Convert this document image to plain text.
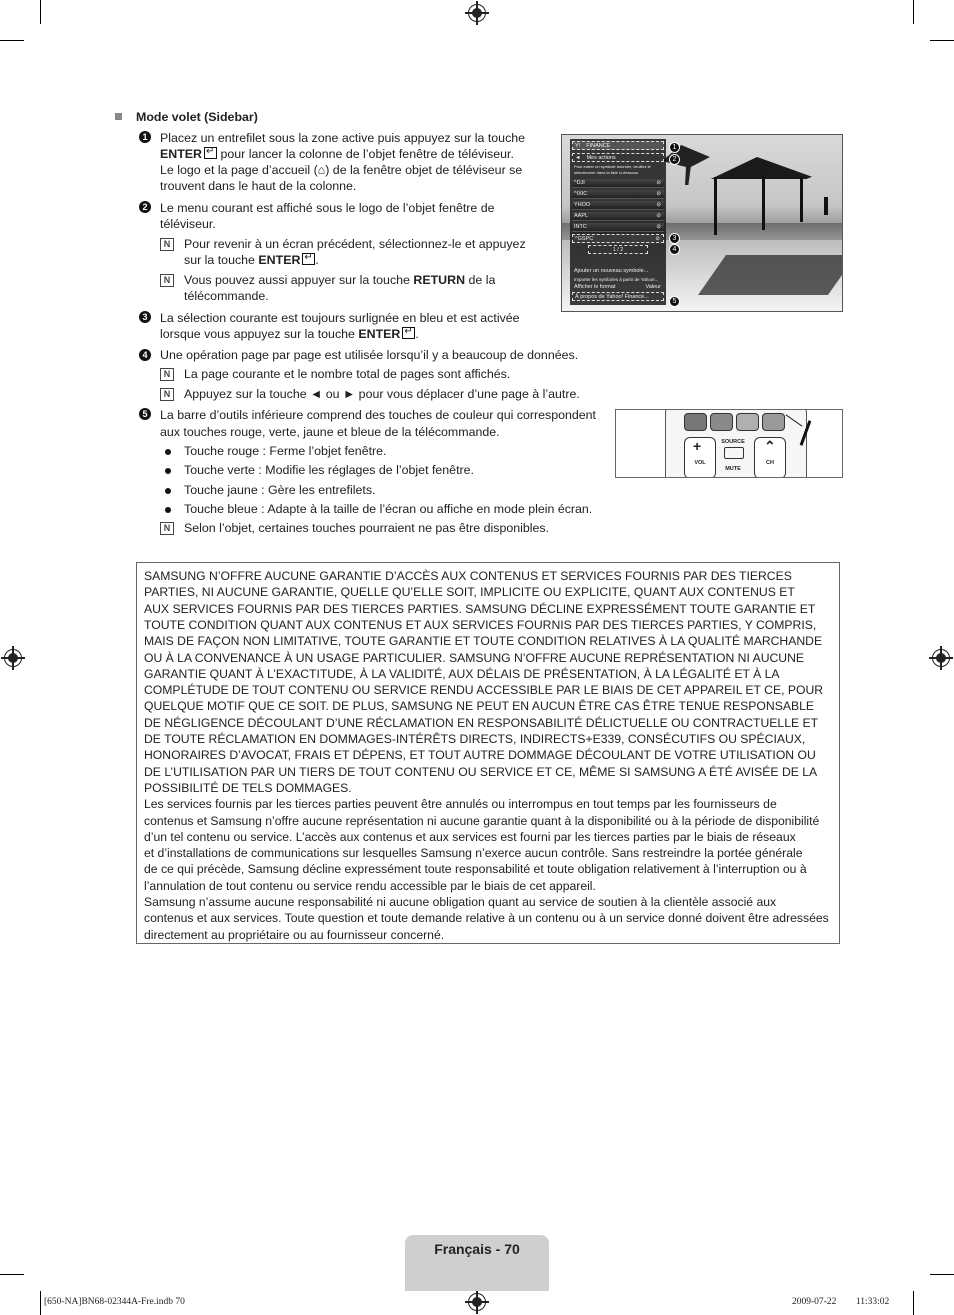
Mode volet (Sidebar)
1 Placez un entrefilet sous la zone active puis appuyez sur la touche
ENTER ↵ pour lancer la colonne de l’objet fenêtre de téléviseur.
Le logo et la page d’accueil (⌂) de la fenêtre objet de téléviseur se
trouvent dans le haut de la colonne.
2 Le menu courant est affiché sous le logo de l’objet fenêtre de
téléviseur.
N	Pour revenir à un écran précédent, sélectionnez-le et appuyez
sur la touche ENTER ↵ .
N	Vous pouvez aussi appuyer sur la touche RETURN de la
télécommande.
3 La sélection courante est toujours surlignée en bleu et est activée
lorsque vous appuyez sur la touche ENTER ↵ .
4 Une opération page par page est utilisée lorsqu’il y a beaucoup de données.
N	La page courante et le nombre total de pages sont affichés.
N	Appuyez sur la touche ◄ ou ► pour vous déplacer d’une page à l’autre.
5 La barre d’outils inférieure comprend des touches de couleur qui correspondent
aux touches rouge, verte, jaune et bleue de la télécommande.
Touche rouge : Ferme l’objet fenêtre.
Touche verte : Modifie les réglages de l’objet fenêtre.
Touche jaune : Gère les entrefilets.
Touche bleue : Adapte à la taille de l’écran ou affiche en mode plein écran.
N	Selon l’objet, certaines touches pourraient ne pas être disponibles.
Y! FINANCE
◄ Mes actions
Pour entrer un symbole boursier, veuillez le
sélectionner dans la liste ci-dessous.
^DJI	⊘
^IXIC	⊘
YHOO	⊘
AAPL	⊘
INTC	⊘
^GSPC	⊘
1 / 2
Ajouter un nouveau symbole...
Importer les symboles à partir de Yahoo!...
Afficher le format	Valeur
À propos de Yahoo! Finance...
1
2
3
4
5
+
VOL
SOURCE
MUTE
⌃
CH

SAMSUNG N’OFFRE AUCUNE GARANTIE D’ACCÈS AUX CONTENUS ET SERVICES FOURNIS PAR DES TIERCES

PARTIES, NI AUCUNE GARANTIE, QUELLE QU’ELLE SOIT, IMPLICITE OU EXPLICITE, QUANT AUX CONTENUS ET

AUX SERVICES FOURNIS PAR DES TIERCES PARTIES. SAMSUNG DÉCLINE EXPRESSÉMENT TOUTE GARANTIE ET

TOUTE CONDITION QUANT AUX CONTENUS ET AUX SERVICES FOURNIS PAR DES TIERCES PARTIES, Y COMPRIS,

MAIS DE FAÇON NON LIMITATIVE, TOUTE GARANTIE ET TOUTE CONDITION RELATIVES À LA QUALITÉ MARCHANDE

OU À LA CONVENANCE À UN USAGE PARTICULIER. SAMSUNG N’OFFRE AUCUNE REPRÉSENTATION NI AUCUNE

GARANTIE QUANT À L’EXACTITUDE, À LA VALIDITÉ, AUX DÉLAIS DE PRÉSENTATION, À LA LÉGALITÉ ET À LA

COMPLÉTUDE DE TOUT CONTENU OU SERVICE RENDU ACCESSIBLE PAR LE BIAIS DE CET APPAREIL ET CE, POUR

QUELQUE MOTIF QUE CE SOIT. DE PLUS, SAMSUNG NE PEUT EN AUCUN ÊTRE CAS ÊTRE TENUE RESPONSABLE

DE NÉGLIGENCE DÉCOULANT D’UNE RÉCLAMATION EN RESPONSABILITÉ DÉLICTUELLE OU CONTRACTUELLE ET

DE TOUTE RÉCLAMATION EN DOMMAGES-INTÉRÊTS DIRECTS, INDIRECTS+E339, CONSÉCUTIFS OU SPÉCIAUX,

HONORAIRES D’AVOCAT, FRAIS ET DÉPENS, ET TOUT AUTRE DOMMAGE DÉCOULANT DE VOTRE UTILISATION OU

DE L’UTILISATION PAR UN TIERS DE TOUT CONTENU OU SERVICE ET CE, MÊME SI SAMSUNG A ÉTÉ AVISÉE DE LA

POSSIBILITÉ DE TELS DOMMAGES.

Les services fournis par les tierces parties peuvent être annulés ou interrompus en tout temps par les fournisseurs de

contenus et Samsung n’offre aucune représentation ni aucune garantie quant à la disponibilité ou à la période de disponibilité

d’un tel contenu ou service. L’accès aux contenus et aux services est fourni par les tierces parties par le biais de réseaux

et d’installations de communications sur lesquelles Samsung n’exerce aucun contrôle. Sans restreindre la portée générale

de ce qui précède, Samsung décline expressément toute responsabilité et toute obligation relativement à l’interruption ou à

l’annulation de tout contenu ou service rendu accessible par le biais de cet appareil.

Samsung n’assume aucune responsabilité ni aucune obligation quant au service de soutien à la clientèle associé aux

contenus et aux services. Toute question et toute demande relative à un contenu ou à un service donné doivent être adressées

directement au propriétaire ou au fournisseur concerné.

Français - 70
[650-NA]BN68-02344A-Fre.indb 70	2009-07-22 ￿￿ 11:33:02
